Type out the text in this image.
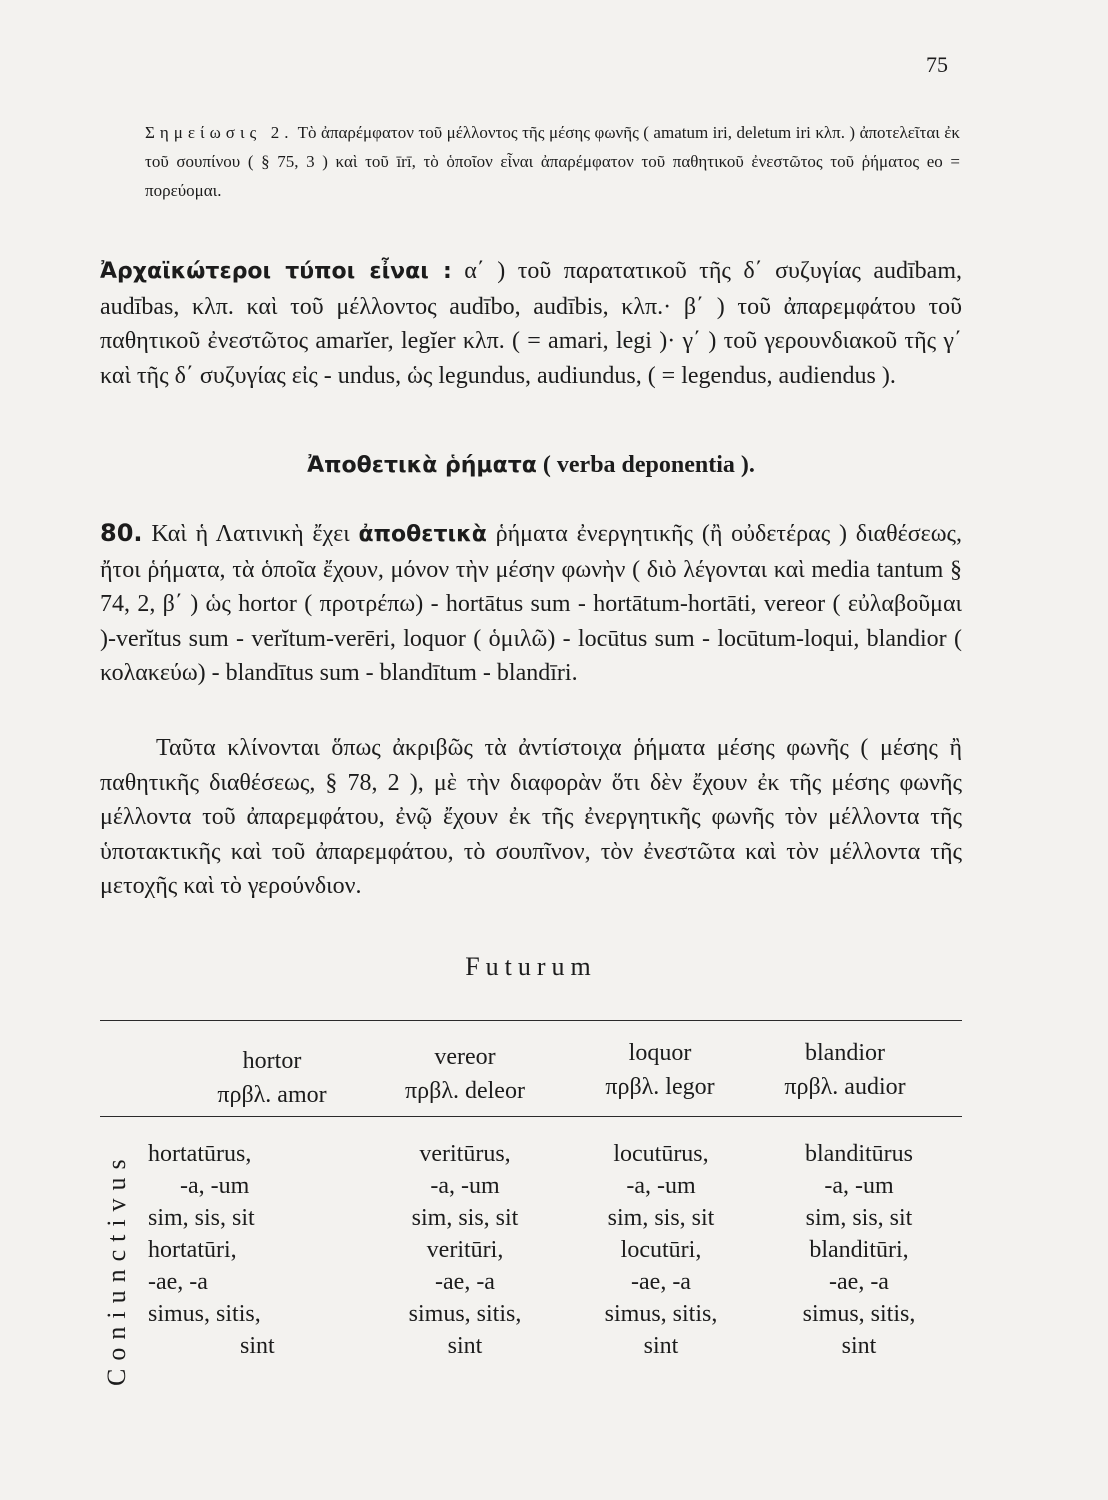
75
Σημείωσις 2. Τὸ ἀπαρέμφατον τοῦ μέλλοντος τῆς μέσης φωνῆς ( amatum iri, deletum iri κλπ. ) ἀποτελεῖται ἐκ τοῦ σουπίνου ( § 75, 3 ) καὶ τοῦ īrī, τὸ ὁποῖον εἶναι ἀπαρέμφατον τοῦ παθητικοῦ ἐνεστῶτος τοῦ ῥήματος eo = πορεύομαι.
Ἀρχαϊκώτεροι τύποι εἶναι : α΄ ) τοῦ παρατατικοῦ τῆς δ΄ συζυγίας audībam, audības, κλπ. καὶ τοῦ μέλλοντος audībo, audībis, κλπ.· β΄ ) τοῦ ἀπαρεμφάτου τοῦ παθητικοῦ ἐνεστῶτος amarĭer, legĭer κλπ. ( = amari, legi )· γ΄ ) τοῦ γερουνδιακοῦ τῆς γ΄ καὶ τῆς δ΄ συζυγίας εἰς - undus, ὡς legundus, audiundus, ( = legendus, audiendus ).
Ἀποθετικὰ ῥήματα ( verba deponentia ).
80. Καὶ ἡ Λατινικὴ ἔχει ἀποθετικὰ ῥήματα ἐνεργητικῆς (ἢ οὐδετέρας ) διαθέσεως, ἤτοι ῥήματα, τὰ ὁποῖα ἔχουν, μόνον τὴν μέσην φωνὴν ( διὸ λέγονται καὶ media tantum § 74, 2, β΄ ) ὡς hortor ( προτρέπω) - hortātus sum - hortātum-hortāti, vereor ( εὐλαβοῦμαι )-verĭtus sum - verĭtum-verēri, loquor ( ὁμιλῶ) - locūtus sum - locūtum-loqui, blandior ( κολακεύω) - blandītus sum - blandītum - blandīri.
Ταῦτα κλίνονται ὅπως ἀκριβῶς τὰ ἀντίστοιχα ῥήματα μέσης φωνῆς ( μέσης ἢ παθητικῆς διαθέσεως, § 78, 2 ), μὲ τὴν διαφορὰν ὅτι δὲν ἔχουν ἐκ τῆς μέσης φωνῆς μέλλοντα τοῦ ἀπαρεμφάτου, ἐνῷ ἔχουν ἐκ τῆς ἐνεργητικῆς φωνῆς τὸν μέλλοντα τῆς ὑποτακτικῆς καὶ τοῦ ἀπαρεμφάτου, τὸ σουπῖνον, τὸν ἐνεστῶτα καὶ τὸν μέλλοντα τῆς μετοχῆς καὶ τὸ γερούνδιον.
Futurum
hortor
πρβλ. amor
vereor
πρβλ. deleor
loquor
πρβλ. legor
blandior
πρβλ. audior
Coniunctivus hortatūrus,
-a, -um
sim, sis, sit
hortatūri,
-ae, -a
simus, sitis,
sint
veritūrus,
-a, -um
sim, sis, sit
veritūri,
-ae, -a
simus, sitis,
sint
locutūrus,
-a, -um
sim, sis, sit
locutūri,
-ae, -a
simus, sitis,
sint
blanditūrus
-a, -um
sim, sis, sit
blanditūri,
-ae, -a
simus, sitis,
sint
